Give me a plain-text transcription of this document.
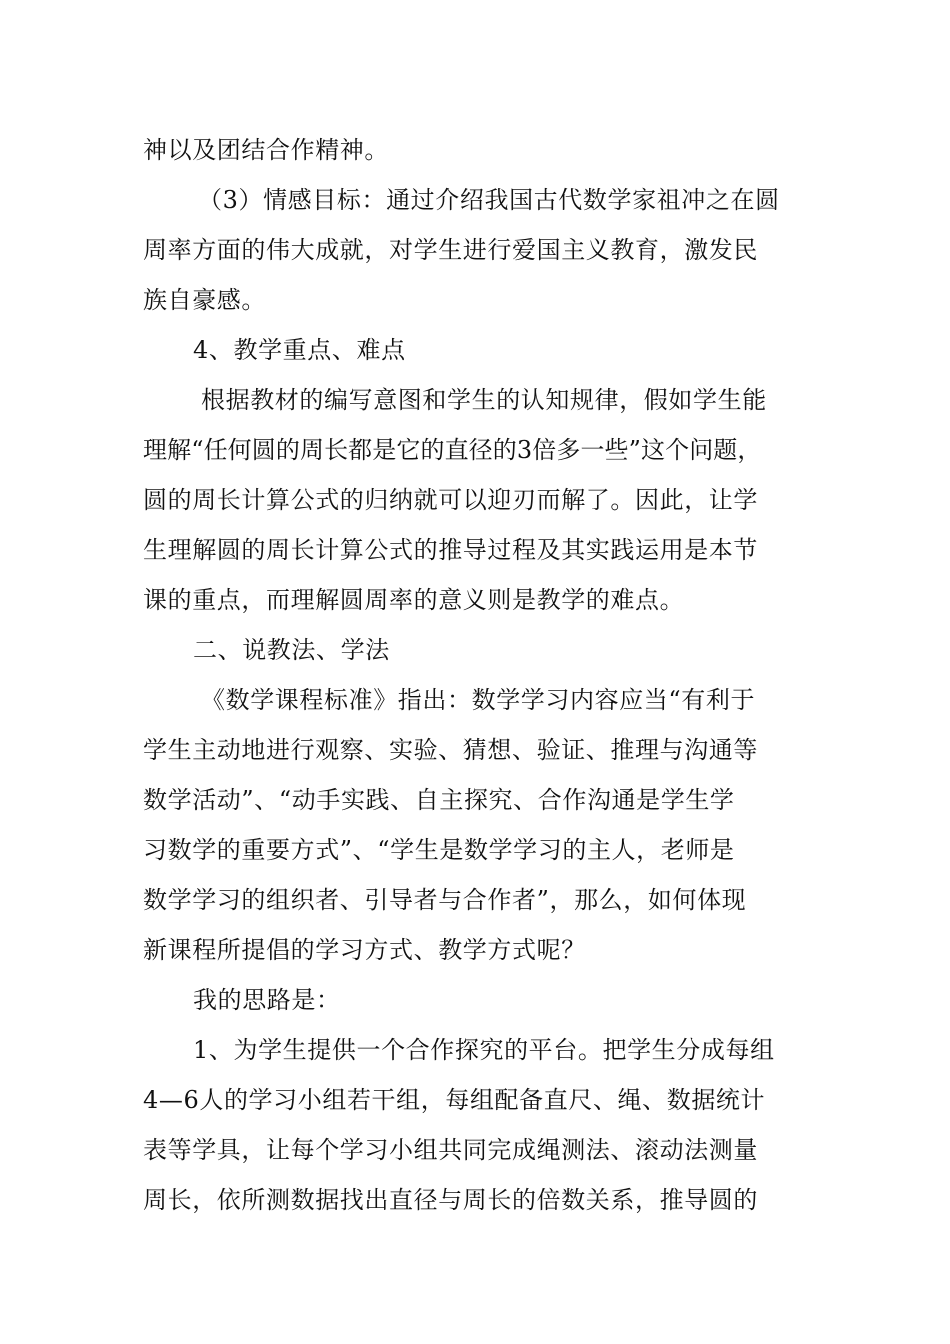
神以及团结合作精神。
（3）情感目标：通过介绍我国古代数学家祖冲之在圆
周率方面的伟大成就，对学生进行爱国主义教育，激发民
族自豪感。
4、教学重点、难点
根据教材的编写意图和学生的认知规律，假如学生能
理解“任何圆的周长都是它的直径的3倍多一些”这个问题，
圆的周长计算公式的归纳就可以迎刃而解了。因此，让学
生理解圆的周长计算公式的推导过程及其实践运用是本节
课的重点，而理解圆周率的意义则是教学的难点。
二、说教法、学法
《数学课程标准》指出：数学学习内容应当“有利于
学生主动地进行观察、实验、猜想、验证、推理与沟通等
数学活动”、“动手实践、自主探究、合作沟通是学生学
习数学的重要方式”、“学生是数学学习的主人，老师是
数学学习的组织者、引导者与合作者”，那么，如何体现
新课程所提倡的学习方式、教学方式呢？
我的思路是：
1、为学生提供一个合作探究的平台。把学生分成每组
4—6人的学习小组若干组，每组配备直尺、绳、数据统计
表等学具，让每个学习小组共同完成绳测法、滚动法测量
周长，依所测数据找出直径与周长的倍数关系，推导圆的
